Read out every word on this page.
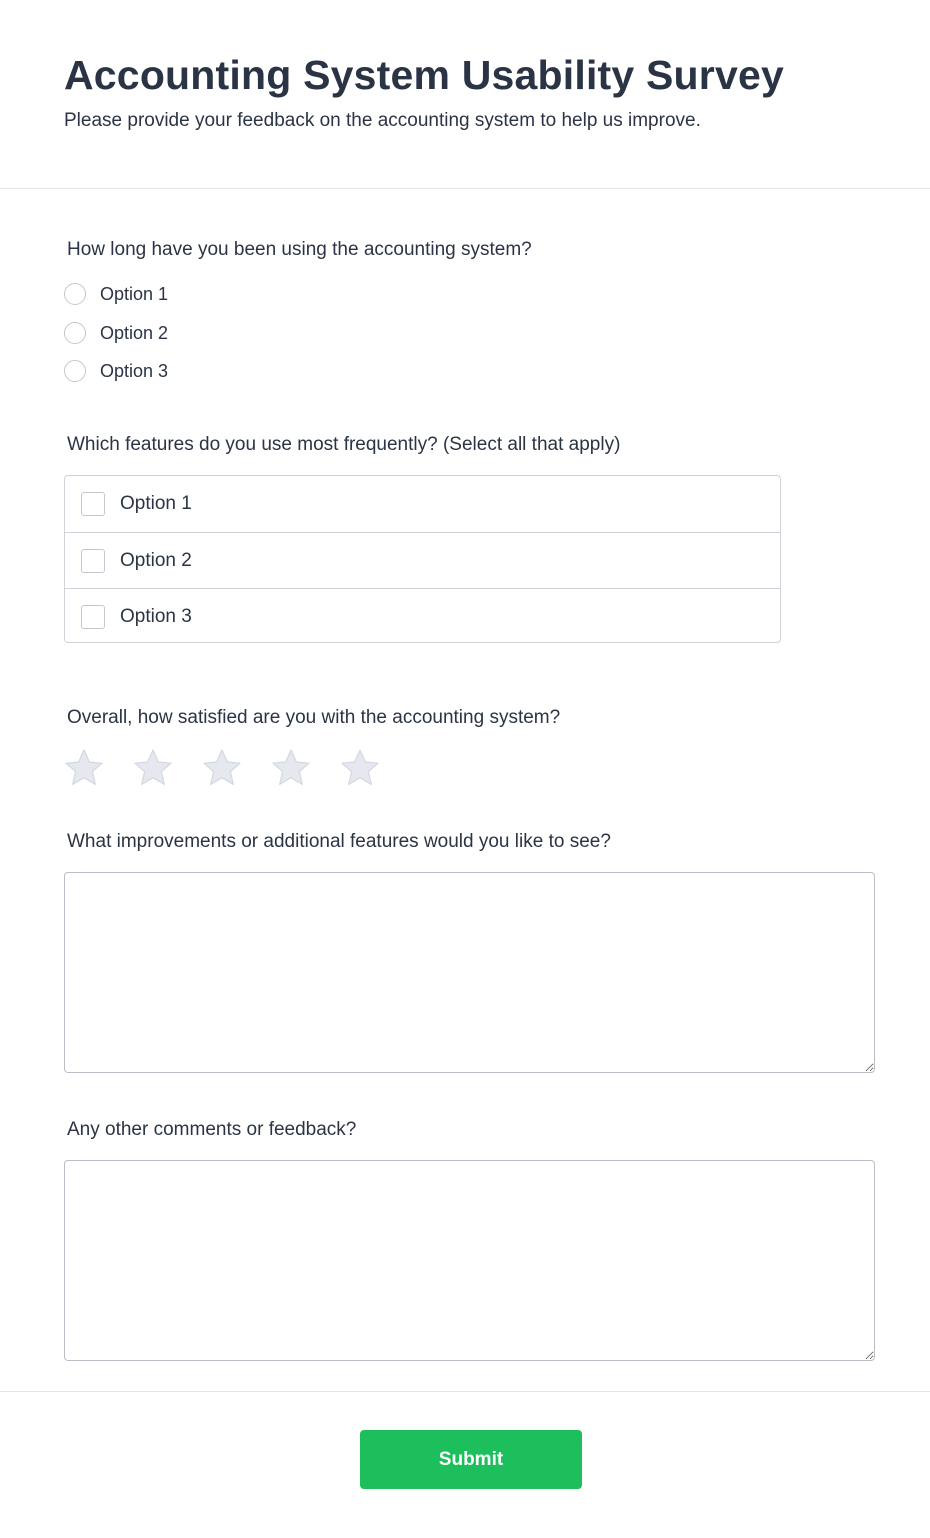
Accounting System Usability Survey

Please provide your feedback on the accounting system to help us improve.

How long have you been using the accounting system?

Option 1
Option 2
Option 3

Which features do you use most frequently? (Select all that apply)

Option 1
Option 2
Option 3

Overall, how satisfied are you with the accounting system?

What improvements or additional features would you like to see?

Any other comments or feedback?

Submit
